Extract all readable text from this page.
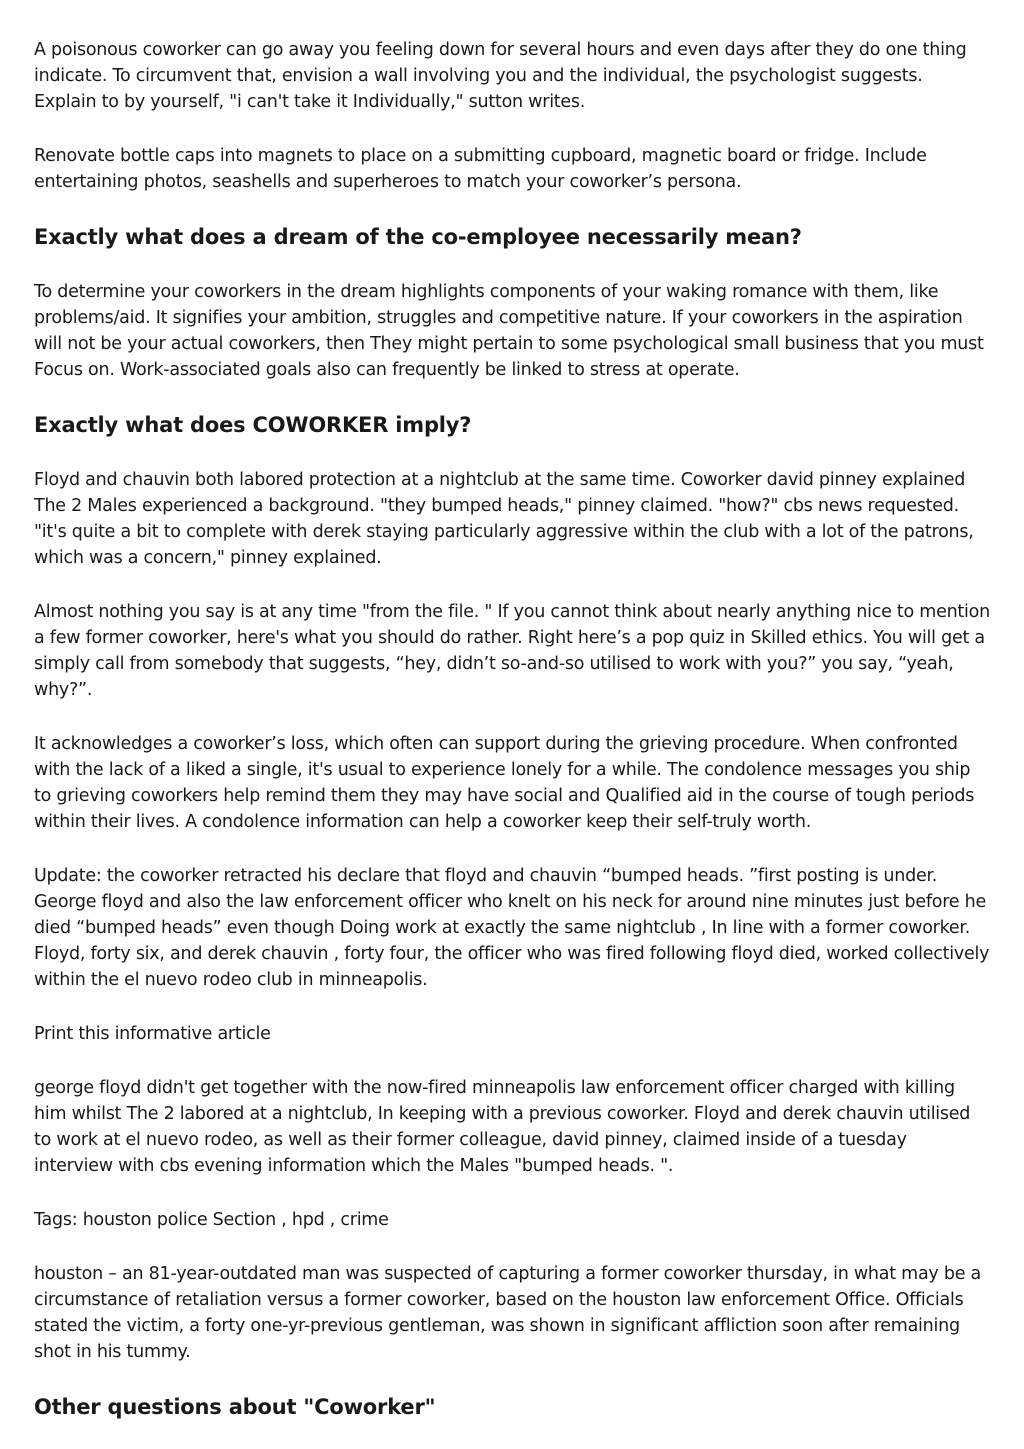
A poisonous coworker can go away you feeling down for several hours and even days after they do one thing indicate. To circumvent that, envision a wall involving you and the individual, the psychologist suggests. Explain to by yourself, "i can't take it Individually," sutton writes.

Renovate bottle caps into magnets to place on a submitting cupboard, magnetic board or fridge. Include entertaining photos, seashells and superheroes to match your coworker’s persona.

Exactly what does a dream of the co-employee necessarily mean?

To determine your coworkers in the dream highlights components of your waking romance with them, like problems/aid. It signifies your ambition, struggles and competitive nature. If your coworkers in the aspiration will not be your actual coworkers, then They might pertain to some psychological small business that you must Focus on. Work-associated goals also can frequently be linked to stress at operate.

Exactly what does COWORKER imply?

Floyd and chauvin both labored protection at a nightclub at the same time. Coworker david pinney explained The 2 Males experienced a background. "they bumped heads," pinney claimed. "how?" cbs news requested. "it's quite a bit to complete with derek staying particularly aggressive within the club with a lot of the patrons, which was a concern," pinney explained.

Almost nothing you say is at any time "from the file. " If you cannot think about nearly anything nice to mention a few former coworker, here's what you should do rather. Right here’s a pop quiz in Skilled ethics. You will get a simply call from somebody that suggests, “hey, didn’t so-and-so utilised to work with you?” you say, “yeah, why?”.

It acknowledges a coworker’s loss, which often can support during the grieving procedure. When confronted with the lack of a liked a single, it's usual to experience lonely for a while. The condolence messages you ship to grieving coworkers help remind them they may have social and Qualified aid in the course of tough periods within their lives. A condolence information can help a coworker keep their self-truly worth.

Update: the coworker retracted his declare that floyd and chauvin “bumped heads. ”first posting is under. George floyd and also the law enforcement officer who knelt on his neck for around nine minutes just before he died “bumped heads” even though Doing work at exactly the same nightclub , In line with a former coworker. Floyd, forty six, and derek chauvin , forty four, the officer who was fired following floyd died, worked collectively within the el nuevo rodeo club in minneapolis.

Print this informative article

george floyd didn't get together with the now-fired minneapolis law enforcement officer charged with killing him whilst The 2 labored at a nightclub, In keeping with a previous coworker. Floyd and derek chauvin utilised to work at el nuevo rodeo, as well as their former colleague, david pinney, claimed inside of a tuesday interview with cbs evening information which the Males "bumped heads. ".

Tags: houston police Section , hpd , crime

houston – an 81-year-outdated man was suspected of capturing a former coworker thursday, in what may be a circumstance of retaliation versus a former coworker, based on the houston law enforcement Office. Officials stated the victim, a forty one-yr-previous gentleman, was shown in significant affliction soon after remaining shot in his tummy.

Other questions about "Coworker"
